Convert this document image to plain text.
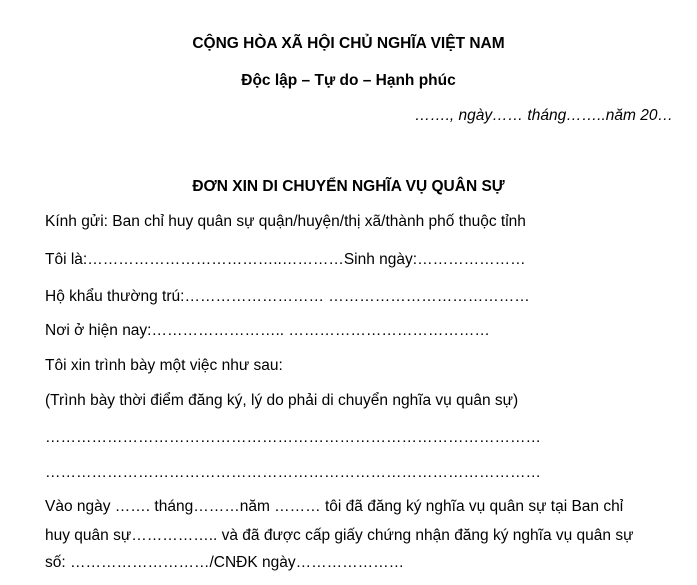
CỘNG HÒA XÃ HỘI CHỦ NGHĨA VIỆT NAM
Độc lập – Tự do – Hạnh phúc
……., ngày…… tháng……..năm 20…
ĐƠN XIN DI CHUYỂN NGHĨA VỤ QUÂN SỰ
Kính gửi: Ban chỉ huy quân sự quận/huyện/thị xã/thành phố thuộc tỉnh
Tôi là:………………………………..…………Sinh ngày:…………………
Hộ khẩu thường trú:……………………… …………………………………
Nơi ở hiện nay:…………………….. …………………………………
Tôi xin trình bày một việc như sau:
(Trình bày thời điểm đăng ký, lý do phải di chuyển nghĩa vụ quân sự)
……………………………………………………………………………………
……………………………………………………………………………………
Vào ngày ……. tháng………năm ……… tôi đã đăng ký nghĩa vụ quân sự tại Ban chỉ
huy quân sự…………….. và đã được cấp giấy chứng nhận đăng ký nghĩa vụ quân sự
số: ………………………/CNĐK ngày…………………
